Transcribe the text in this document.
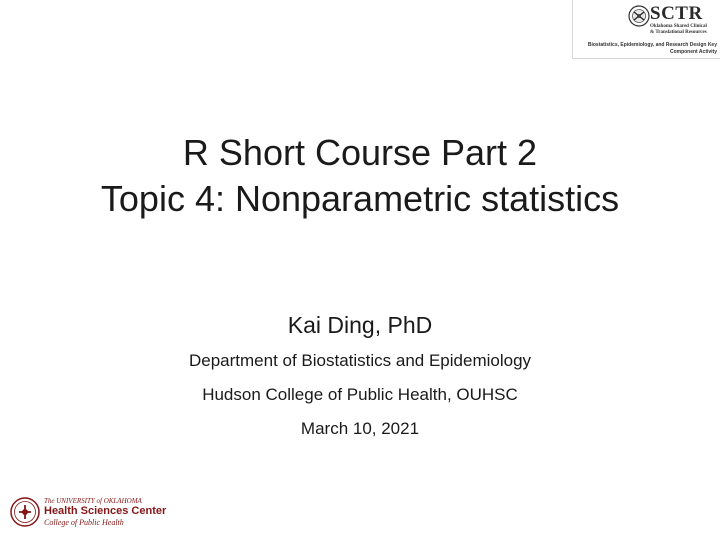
SCTR
Oklahoma Shared Clinical
& Translational Resources
Biostatistics, Epidemiology, and Research Design Key
Component Activity
R Short Course Part 2
Topic 4: Nonparametric statistics
Kai Ding, PhD
Department of Biostatistics and Epidemiology
Hudson College of Public Health, OUHSC
March 10, 2021
The UNIVERSITY of OKLAHOMA
Health Sciences Center
College of Public Health
